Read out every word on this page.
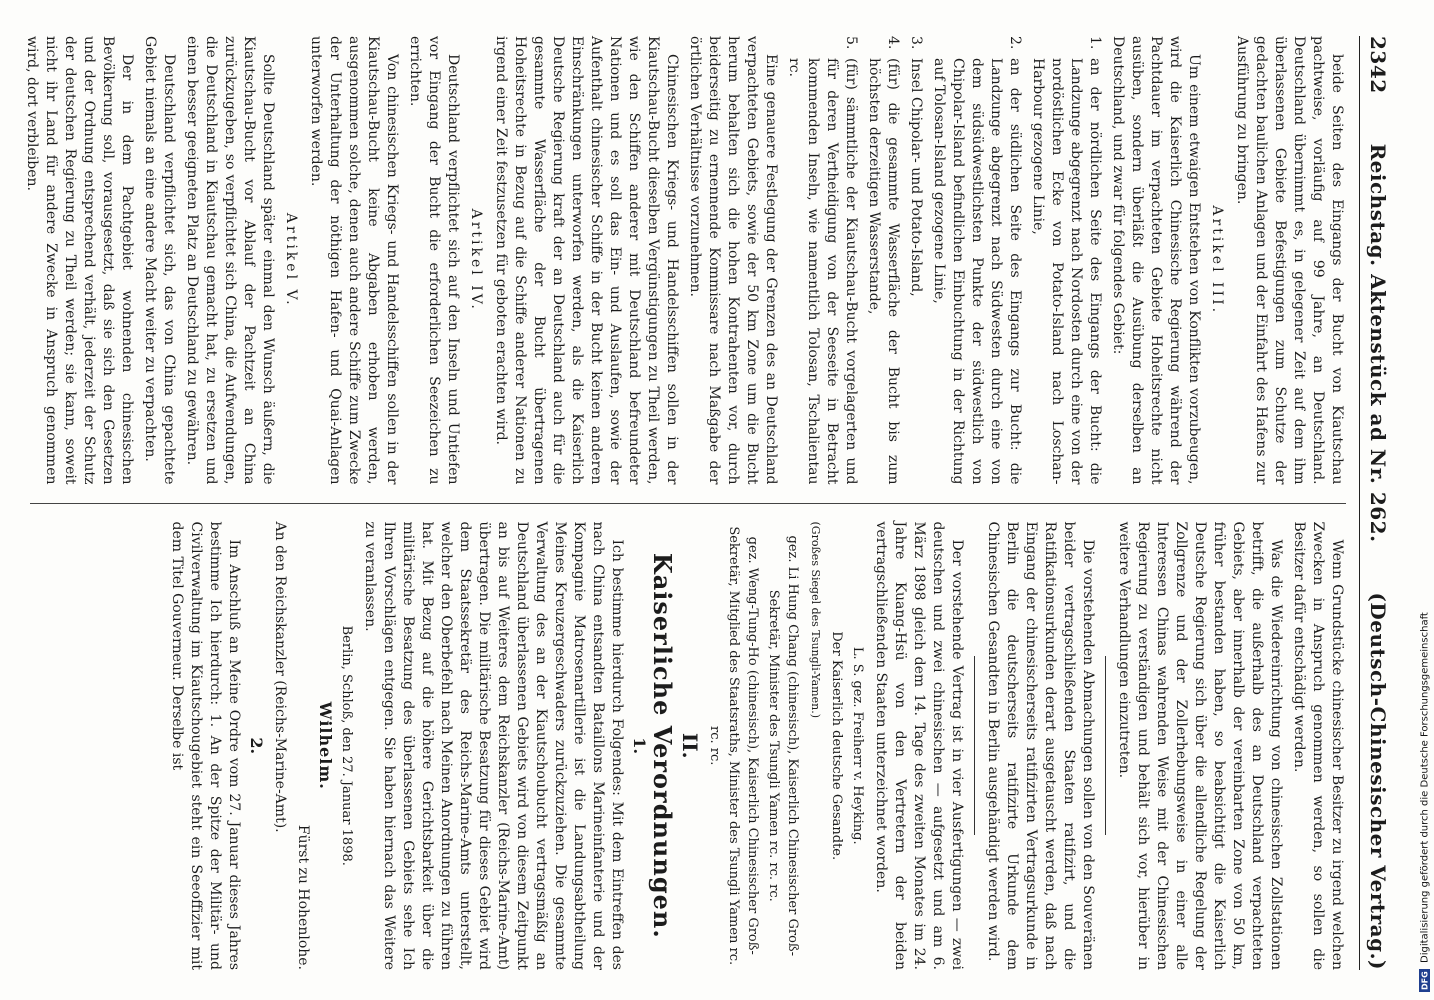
2342
Reichstag. Aktenstück ad Nr. 262.
(Deutsch-Chinesischer Vertrag.)

beide Seiten des Eingangs der Bucht von Kiautschau pachtweise, vorläufig auf 99 Jahre, an Deutschland. Deutschland übernimmt es, in gelegener Zeit auf dem ihm überlassenen Gebiete Befestigungen zum Schutze der gedachten baulichen Anlagen und der Einfahrt des Hafens zur Ausführung zu bringen.

Artikel III.

Um einem etwaigen Entstehen von Konflikten vorzubeugen, wird die Kaiserlich Chinesische Regierung während der Pachtdauer im verpachteten Gebiete Hoheitsrechte nicht ausüben, sondern überläßt die Ausübung derselben an Deutschland, und zwar für folgendes Gebiet:

1.
an der nördlichen Seite des Eingangs der Bucht: die Landzunge abgegrenzt nach Nordosten durch eine von der nordöstlichen Ecke von Potato-Island nach Loschan-Harbour gezogene Linie,

2.
an der südlichen Seite des Eingangs zur Bucht: die Landzunge abgegrenzt nach Südwesten durch eine von dem südsüdwestlichsten Punkte der südwestlich von Chipolar-Island befindlichen Einbuchtung in der Richtung auf Tolosan-Island gezogene Linie,

3.
Insel Chipolar- und Potato-Island,

4.
(für) die gesammte Wasserfläche der Bucht bis zum höchsten derzeitigen Wasserstande,

5.
(für) sämmtliche der Kiautschau-Bucht vorgelagerten und für deren Vertheidigung von der Seeseite in Betracht kommenden Inseln, wie namentlich Tolosan, Tschalientau rc.

Eine genauere Festlegung der Grenzen des an Deutschland verpachteten Gebiets, sowie der 50 km Zone um die Bucht herum behalten sich die hohen Kontrahenten vor, durch beiderseitig zu ernennende Kommissare nach Maßgabe der örtlichen Verhältnisse vorzunehmen.

Chinesischen Kriegs- und Handelsschiffen sollen in der Kiautschau-Bucht dieselben Vergünstigungen zu Theil werden, wie den Schiffen anderer mit Deutschland befreundeter Nationen und es soll das Ein- und Auslaufen, sowie der Aufenthalt chinesischer Schiffe in der Bucht keinen anderen Einschränkungen unterworfen werden, als die Kaiserlich Deutsche Regierung kraft der an Deutschland auch für die gesammte Wasserfläche der Bucht übertragenen Hoheitsrechte in Bezug auf die Schiffe anderer Nationen zu irgend einer Zeit festzusetzen für geboten erachten wird.

Artikel IV.

Deutschland verpflichtet sich auf den Inseln und Untiefen vor Eingang der Bucht die erforderlichen Seezeichen zu errichten.

Von chinesischen Kriegs- und Handelsschiffen sollen in der Kiautschau-Bucht keine Abgaben erhoben werden, ausgenommen solche, denen auch andere Schiffe zum Zwecke der Unterhaltung der nöthigen Hafen- und Quai-Anlagen unterworfen werden.

Artikel V.

Sollte Deutschland später einmal den Wunsch äußern, die Kiautschau-Bucht vor Ablauf der Pachtzeit an China zurückzugeben, so verpflichtet sich China, die Aufwendungen, die Deutschland in Kiautschau gemacht hat, zu ersetzen und einen besser geeigneten Platz an Deutschland zu gewähren.

Deutschland verpflichtet sich, das von China gepachtete Gebiet niemals an eine andere Macht weiter zu verpachten.

Der in dem Pachtgebiet wohnenden chinesischen Bevölkerung soll, vorausgesetzt, daß sie sich den Gesetzen und der Ordnung entsprechend verhält, jederzeit der Schutz der deutschen Regierung zu Theil werden; sie kann, soweit nicht ihr Land für andere Zwecke in Anspruch genommen wird, dort verbleiben.

Wenn Grundstücke chinesischer Besitzer zu irgend welchen Zwecken in Anspruch genommen werden, so sollen die Besitzer dafür entschädigt werden.

Was die Wiedereinrichtung von chinesischen Zollstationen betrifft, die außerhalb des an Deutschland verpachteten Gebiets, aber innerhalb der vereinbarten Zone von 50 km, früher bestanden haben, so beabsichtigt die Kaiserlich Deutsche Regierung sich über die allendliche Regelung der Zollgrenze und der Zollerhebungsweise in einer alle Interessen Chinas wahrenden Weise mit der Chinesischen Regierung zu verständigen und behält sich vor, hierüber in weitere Verhandlungen einzutreten.

Die vorstehenden Abmachungen sollen von den Souveränen beider vertragschließenden Staaten ratifizirt, und die Ratifikationsurkunden derart ausgetauscht werden, daß nach Eingang der chinesischerseits ratifizirten Vertragsurkunde in Berlin die deutscherseits ratifizirte Urkunde dem Chinesischen Gesandten in Berlin ausgehändigt werden wird.

Der vorstehende Vertrag ist in vier Ausfertigungen — zwei deutschen und zwei chinesischen — aufgesetzt und am 6. März 1898 gleich dem 14. Tage des zweiten Monates im 24. Jahre Kuang-Hsü von den Vertretern der beiden vertragschließenden Staaten unterzeichnet worden.

L. S. gez. Freiherr v. Heyking.

Der Kaiserlich deutsche Gesandte.

(Großes Siegel des Tsungli-Yamen.)

gez. Li Hung Chang (chinesisch), Kaiserlich Chinesischer Groß-Sekretär, Minister des Tsungli Yamen rc. rc. rc.

gez. Weng-Tung-Ho (chinesisch), Kaiserlich Chinesischer Groß-Sekretär, Mitglied des Staatsraths, Minister des Tsungli Yamen rc. rc. rc.

II.

Kaiserliche Verordnungen.

1.

Ich bestimme hierdurch Folgendes: Mit dem Eintreffen des nach China entsandten Bataillons Marineinfanterie und der Kompagnie Matrosenartillerie ist die Landungsabtheilung Meines Kreuzergeschwaders zurückzuziehen. Die gesammte Verwaltung des an der Kiautschoubucht vertragsmäßig an Deutschland überlassenen Gebiets wird von diesem Zeitpunkt an bis auf Weiteres dem Reichskanzler (Reichs-Marine-Amt) übertragen. Die militärische Besatzung für dieses Gebiet wird dem Staatssekretär des Reichs-Marine-Amts unterstellt, welcher den Oberbefehl nach Meinen Anordnungen zu führen hat. Mit Bezug auf die höhere Gerichtsbarkeit über die militärische Besatzung des überlassenen Gebiets sehe Ich Ihren Vorschlägen entgegen. Sie haben hiernach das Weitere zu veranlassen.

Berlin, Schloß, den 27. Januar 1898.

Wilhelm.

Fürst zu Hohenlohe.

An den Reichskanzler (Reichs-Marine-Amt).

2.

Im Anschluß an Meine Ordre vom 27. Januar dieses Jahres bestimme Ich hierdurch: 1. An der Spitze der Militär- und Civilverwaltung im Kiautschougebiet steht ein Seeoffizier mit dem Titel Gouverneur. Derselbe ist

DFG
Digitalisierung gefördert durch die Deutsche Forschungsgemeinschaft
